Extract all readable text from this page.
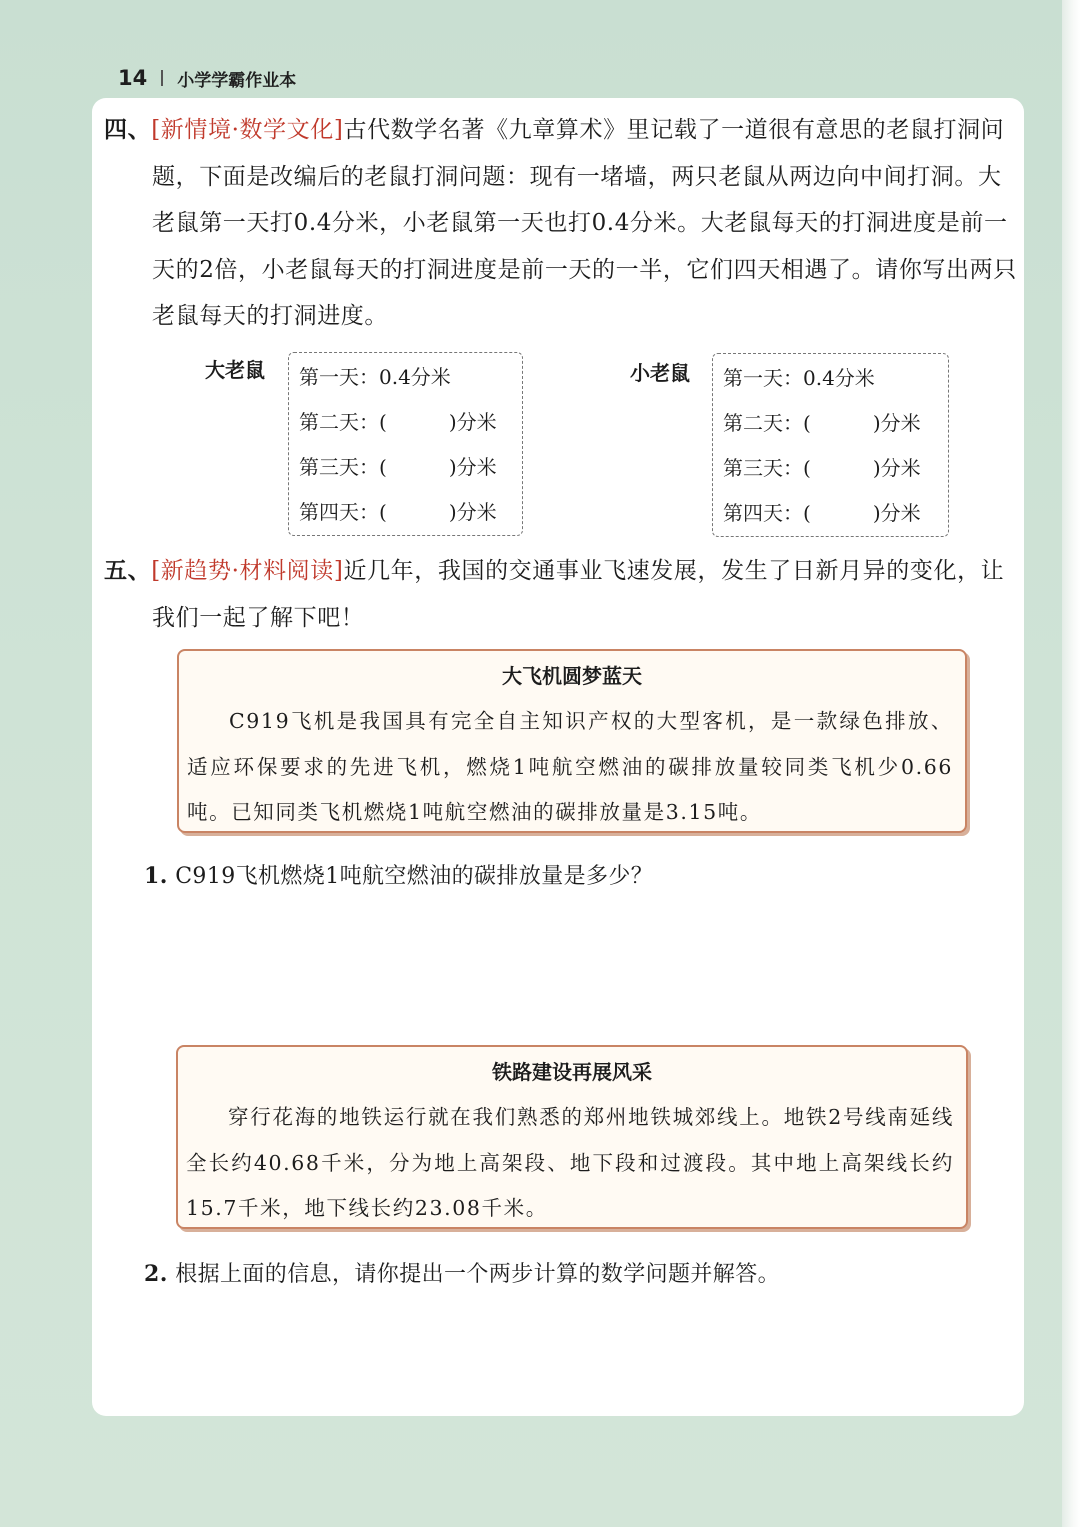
14 小学学霸作业本
四、[新情境·数学文化]古代数学名著《九章算术》里记载了一道很有意思的老鼠打洞问题，下面是改编后的老鼠打洞问题：现有一堵墙，两只老鼠从两边向中间打洞。大老鼠第一天打0.4分米，小老鼠第一天也打0.4分米。大老鼠每天的打洞进度是前一天的2倍，小老鼠每天的打洞进度是前一天的一半，它们四天相遇了。请你写出两只老鼠每天的打洞进度。
大老鼠 第一天：0.4分米
第二天：(	)分米
第三天：(	)分米
第四天：(	)分米
小老鼠 第一天：0.4分米
第二天：(	)分米
第三天：(	)分米
第四天：(	)分米
五、[新趋势·材料阅读]近几年，我国的交通事业飞速发展，发生了日新月异的变化，让我们一起了解下吧！
大飞机圆梦蓝天

C919飞机是我国具有完全自主知识产权的大型客机，是一款绿色排放、适应环保要求的先进飞机，燃烧1吨航空燃油的碳排放量较同类飞机少0.66吨。已知同类飞机燃烧1吨航空燃油的碳排放量是3.15吨。

1. C919飞机燃烧1吨航空燃油的碳排放量是多少？
铁路建设再展风采

穿行花海的地铁运行就在我们熟悉的郑州地铁城郊线上。地铁2号线南延线全长约40.68千米，分为地上高架段、地下段和过渡段。其中地上高架线长约15.7千米，地下线长约23.08千米。

2. 根据上面的信息，请你提出一个两步计算的数学问题并解答。
